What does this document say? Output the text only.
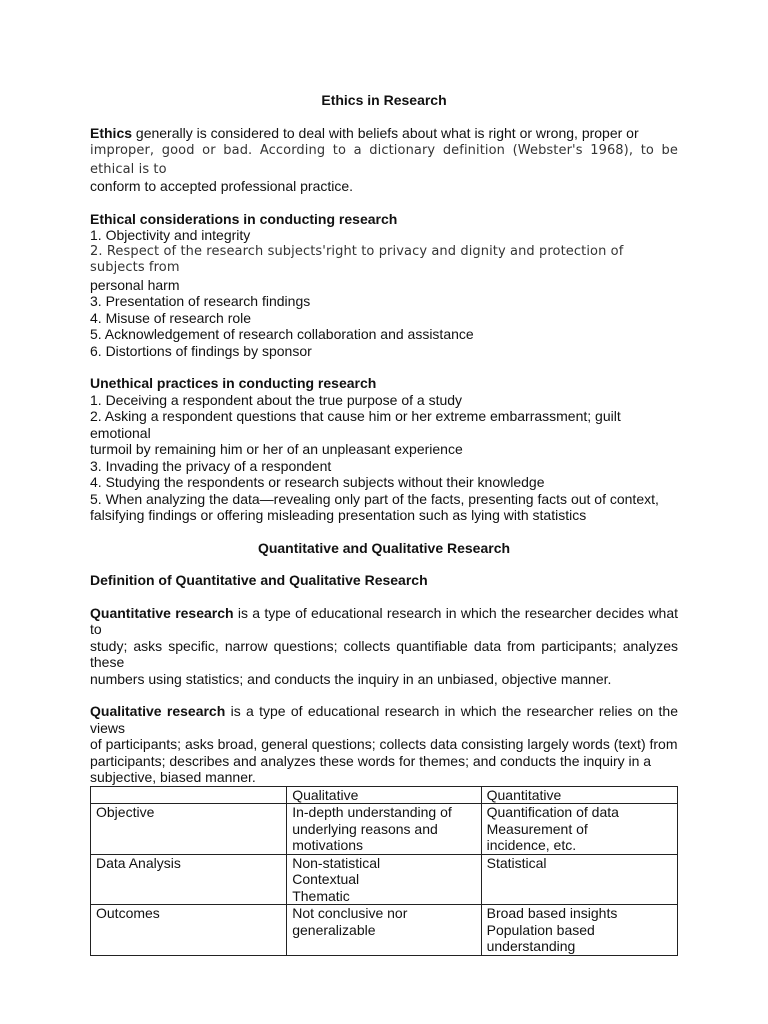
Ethics in Research

Ethics generally is considered to deal with beliefs about what is right or wrong, proper or
improper, good or bad. According to a dictionary definition (Webster's 1968), to be ethical is to
conform to accepted professional practice.

Ethical considerations in conducting research

1. Objectivity and integrity

2. Respect of the research subjects'right to privacy and dignity and protection of subjects from

personal harm

3. Presentation of research findings

4. Misuse of research role

5. Acknowledgement of research collaboration and assistance

6. Distortions of findings by sponsor

Unethical practices in conducting research

1. Deceiving a respondent about the true purpose of a study

2. Asking a respondent questions that cause him or her extreme embarrassment; guilt emotional

turmoil by remaining him or her of an unpleasant experience

3. Invading the privacy of a respondent

4. Studying the respondents or research subjects without their knowledge

5. When analyzing the data—revealing only part of the facts, presenting facts out of context,

falsifying findings or offering misleading presentation such as lying with statistics

Quantitative and Qualitative Research

Definition of Quantitative and Qualitative Research

Quantitative research is a type of educational research in which the researcher decides what to
study; asks specific, narrow questions; collects quantifiable data from participants; analyzes these
numbers using statistics; and conducts the inquiry in an unbiased, objective manner.

Qualitative research is a type of educational research in which the researcher relies on the views
of participants; asks broad, general questions; collects data consisting largely words (text) from
participants; describes and analyzes these words for themes; and conducts the inquiry in a
subjective, biased manner.

	Qualitative	Quantitative
Objective	In-depth understanding of
underlying reasons and
motivations	Quantification of data
Measurement of
incidence, etc.

Data Analysis	Non-statistical
Contextual
Thematic	Statistical

Outcomes	Not conclusive nor
generalizable	Broad based insights
Population based
understanding
